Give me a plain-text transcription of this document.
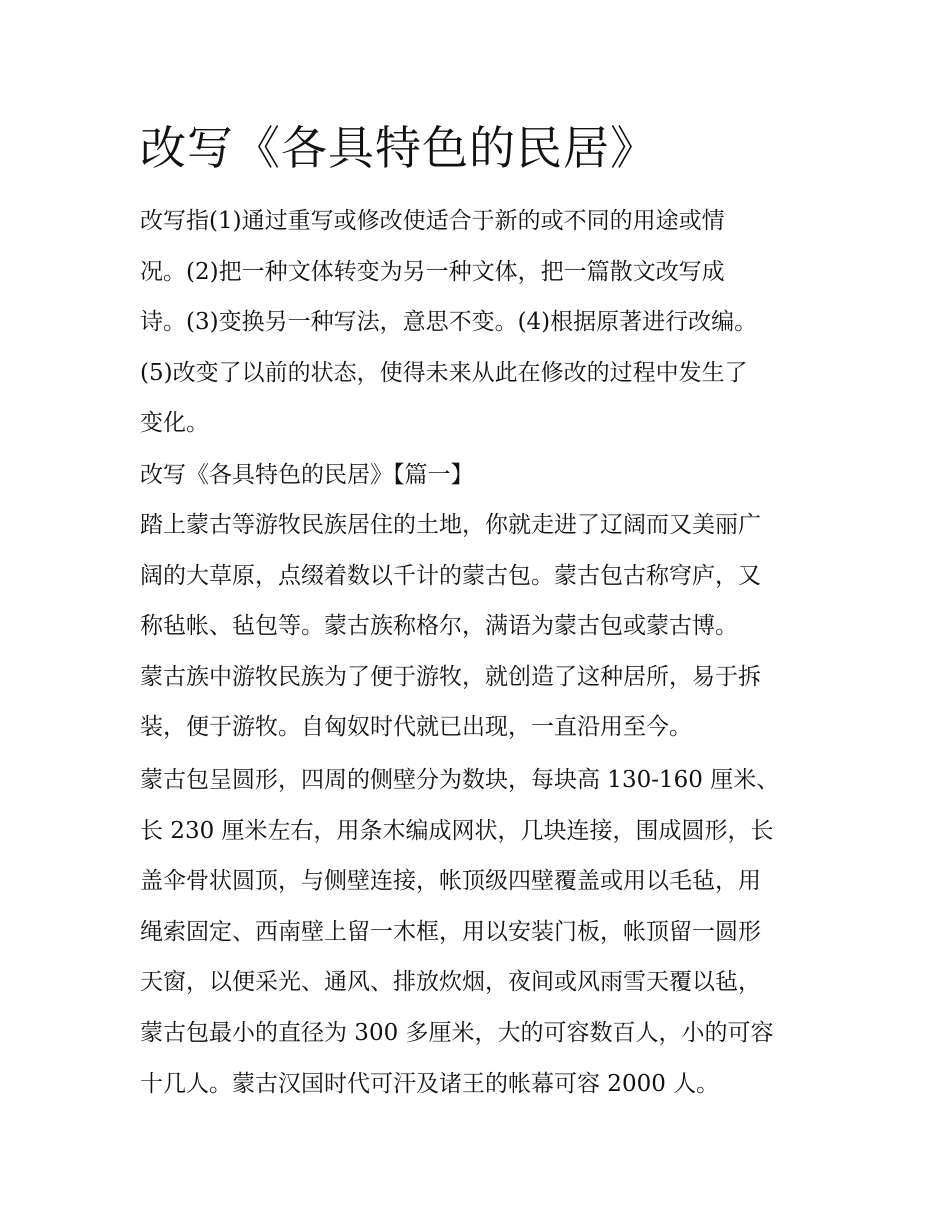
改写《各具特色的民居》
改写指(1)通过重写或修改使适合于新的或不同的用途或情
况。(2)把一种文体转变为另一种文体，把一篇散文改写成
诗。(3)变换另一种写法，意思不变。(4)根据原著进行改编。
(5)改变了以前的状态，使得未来从此在修改的过程中发生了
变化。
改写《各具特色的民居》【篇一】
踏上蒙古等游牧民族居住的土地，你就走进了辽阔而又美丽广
阔的大草原，点缀着数以千计的蒙古包。蒙古包古称穹庐，又
称毡帐、毡包等。蒙古族称格尔，满语为蒙古包或蒙古博。
蒙古族中游牧民族为了便于游牧，就创造了这种居所，易于拆
装，便于游牧。自匈奴时代就已出现，一直沿用至今。
蒙古包呈圆形，四周的侧壁分为数块，每块高 130-160 厘米、
长 230 厘米左右，用条木编成网状，几块连接，围成圆形，长
盖伞骨状圆顶，与侧壁连接，帐顶级四壁覆盖或用以毛毡，用
绳索固定、西南壁上留一木框，用以安装门板，帐顶留一圆形
天窗，以便采光、通风、排放炊烟，夜间或风雨雪天覆以毡，
蒙古包最小的直径为 300 多厘米，大的可容数百人，小的可容
十几人。蒙古汉国时代可汗及诸王的帐幕可容 2000 人。
